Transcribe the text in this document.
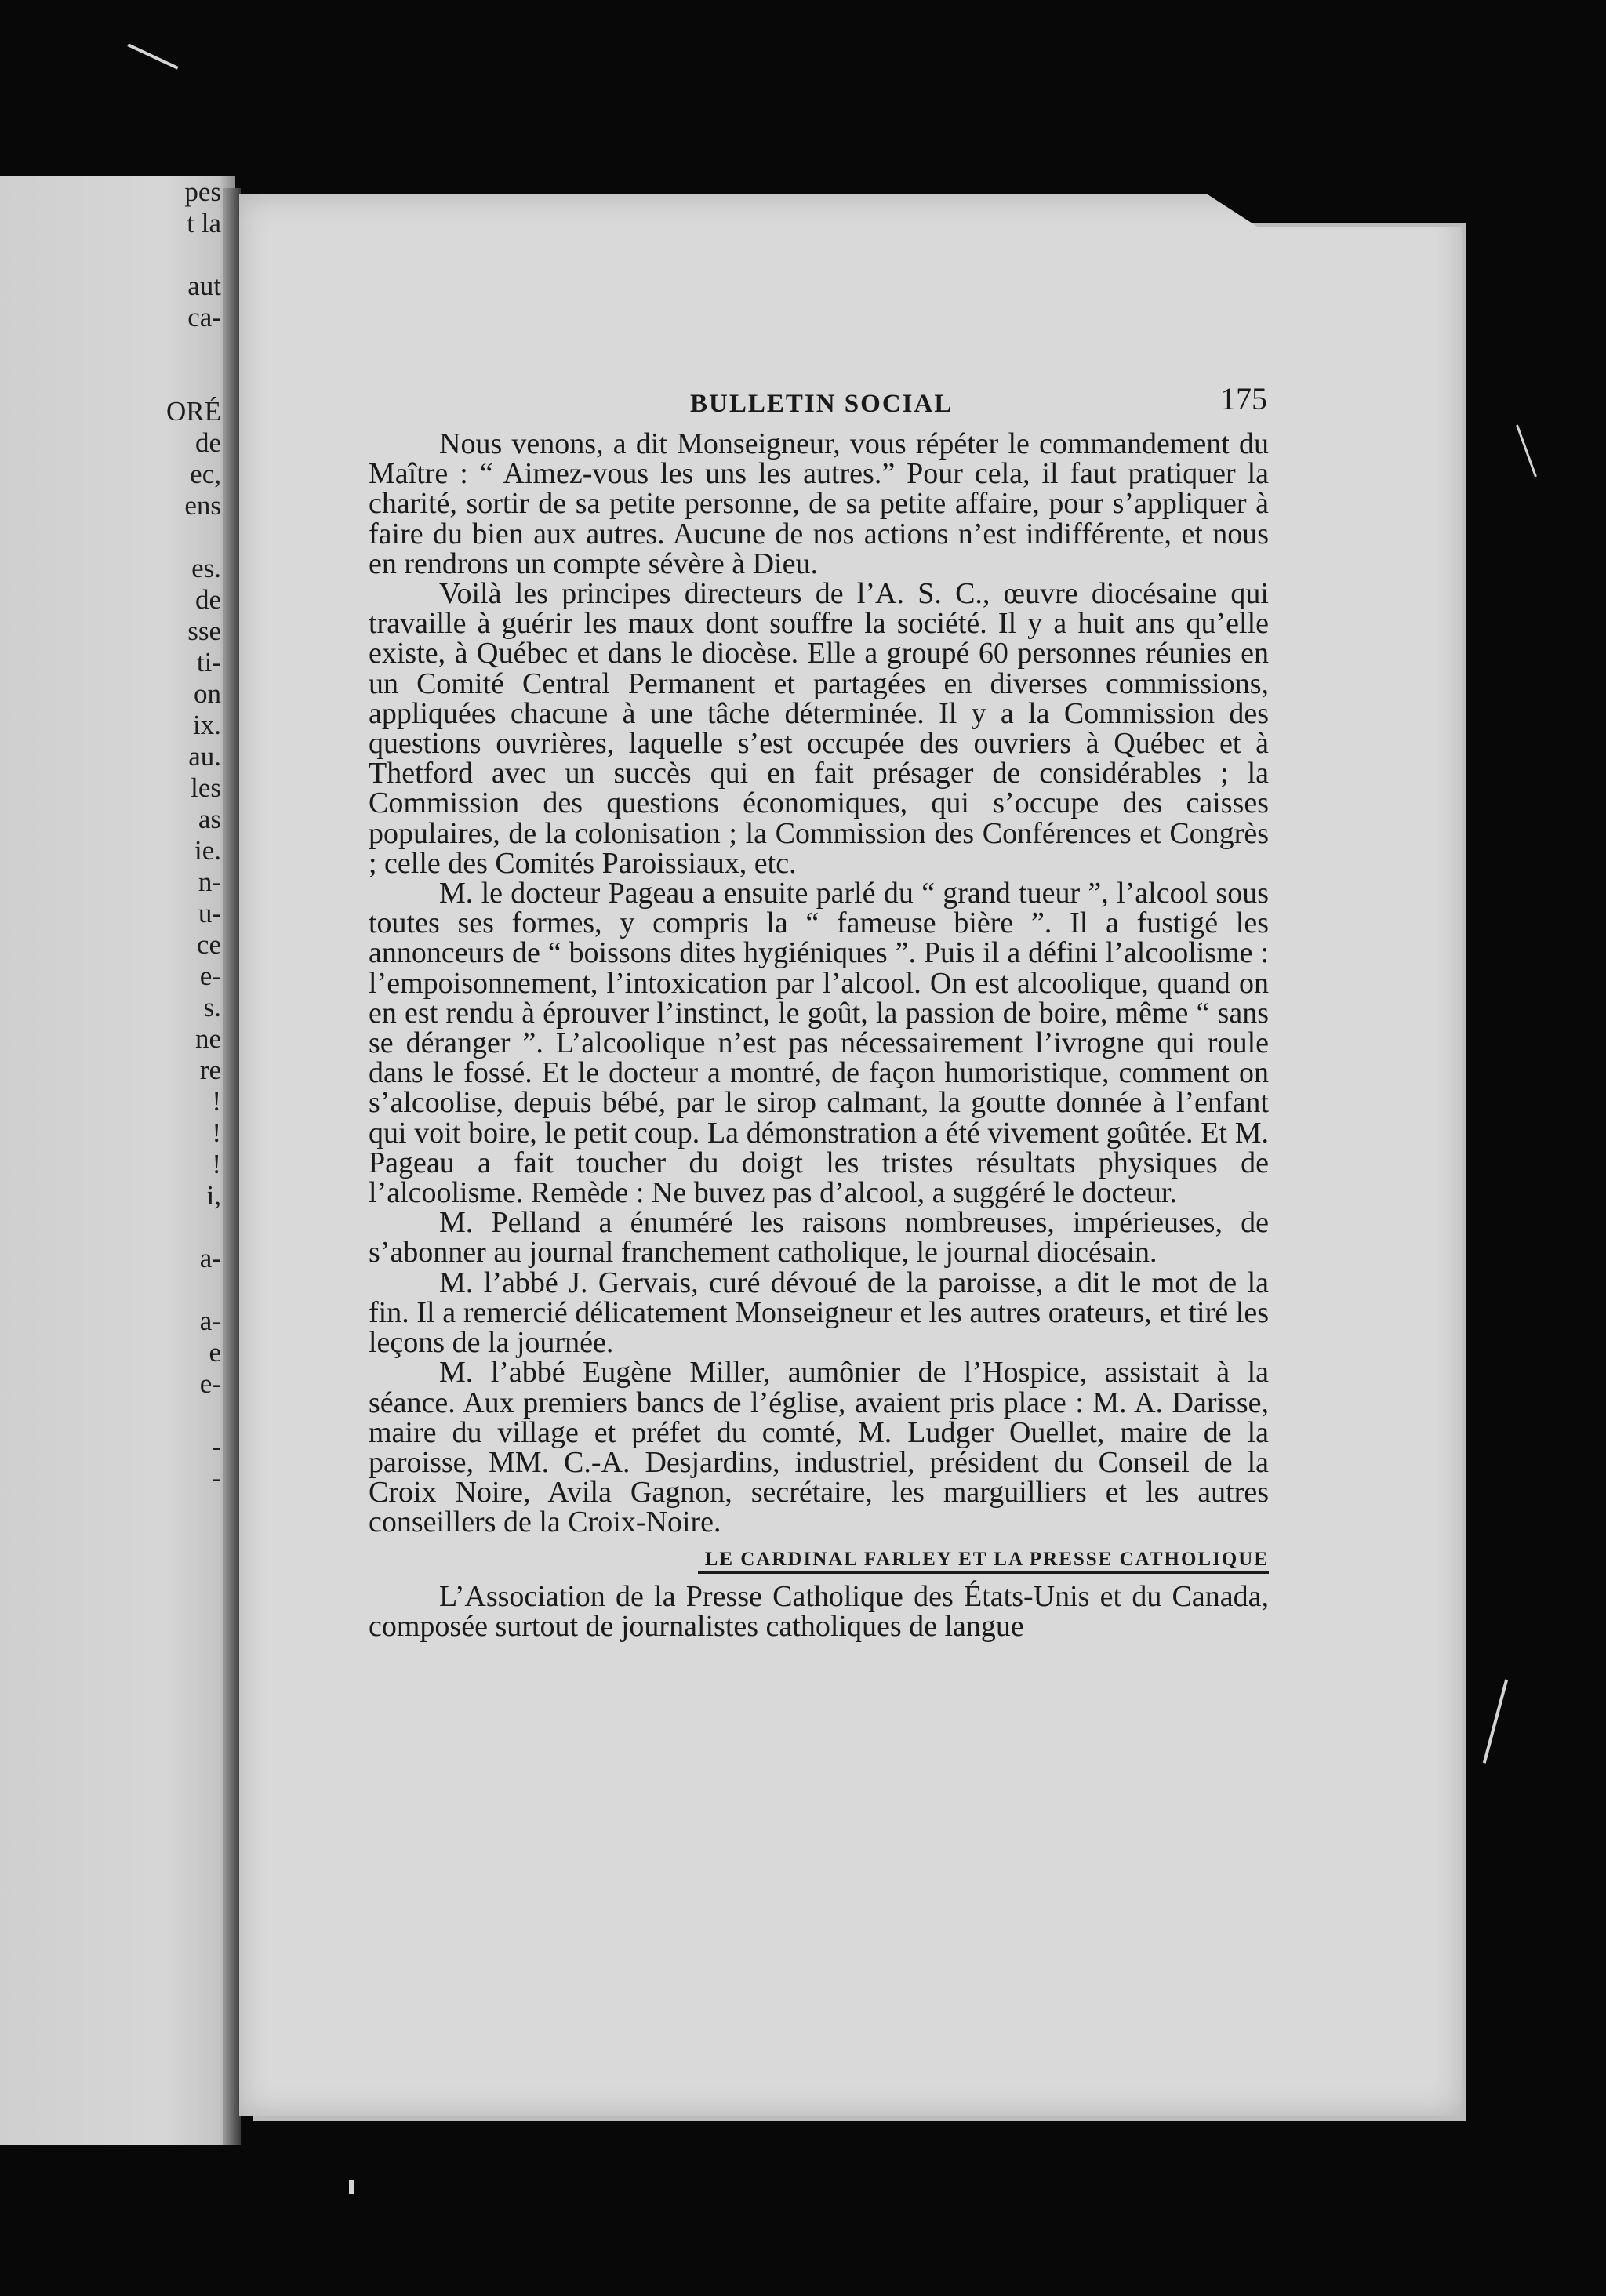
pes
t la
aut
ca-
ORÉ
de
ec,
ens
es.
de
sse
ti-
on
ix.
au.
les
as
ie.
n-
u-
ce
e-
s.
ne
re
!
!
!
i,
a-
a-
e
e-
-
-
BULLETIN SOCIAL	175

Nous venons, a dit Monseigneur, vous répéter le commandement du Maître : “ Aimez-vous les uns les autres.” Pour cela, il faut pratiquer la charité, sortir de sa petite personne, de sa petite affaire, pour s’appliquer à faire du bien aux autres. Aucune de nos actions n’est indifférente, et nous en rendrons un compte sévère à Dieu.

Voilà les principes directeurs de l’A. S. C., œuvre diocésaine qui travaille à guérir les maux dont souffre la société. Il y a huit ans qu’elle existe, à Québec et dans le diocèse. Elle a groupé 60 personnes réunies en un Comité Central Permanent et partagées en diverses commissions, appliquées chacune à une tâche déterminée. Il y a la Commission des questions ouvrières, laquelle s’est occupée des ouvriers à Québec et à Thetford avec un succès qui en fait présager de considérables ; la Commission des questions économiques, qui s’occupe des caisses populaires, de la colonisation ; la Commission des Conférences et Congrès ; celle des Comités Paroissiaux, etc.

M. le docteur Pageau a ensuite parlé du “ grand tueur ”, l’alcool sous toutes ses formes, y compris la “ fameuse bière ”. Il a fustigé les annonceurs de “ boissons dites hygiéniques ”. Puis il a défini l’alcoolisme : l’empoisonnement, l’intoxication par l’alcool. On est alcoolique, quand on en est rendu à éprouver l’instinct, le goût, la passion de boire, même “ sans se déranger ”. L’alcoolique n’est pas nécessairement l’ivrogne qui roule dans le fossé. Et le docteur a montré, de façon humoristique, comment on s’alcoolise, depuis bébé, par le sirop calmant, la goutte donnée à l’enfant qui voit boire, le petit coup. La démonstration a été vivement goûtée. Et M. Pageau a fait toucher du doigt les tristes résultats physiques de l’alcoolisme. Remède : Ne buvez pas d’alcool, a suggéré le docteur.

M. Pelland a énuméré les raisons nombreuses, impérieuses, de s’abonner au journal franchement catholique, le journal diocésain.

M. l’abbé J. Gervais, curé dévoué de la paroisse, a dit le mot de la fin. Il a remercié délicatement Monseigneur et les autres orateurs, et tiré les leçons de la journée.

M. l’abbé Eugène Miller, aumônier de l’Hospice, assistait à la séance. Aux premiers bancs de l’église, avaient pris place : M. A. Darisse, maire du village et préfet du comté, M. Ludger Ouellet, maire de la paroisse, MM. C.-A. Desjardins, industriel, président du Conseil de la Croix Noire, Avila Gagnon, secrétaire, les marguilliers et les autres conseillers de la Croix-Noire.

LE CARDINAL FARLEY ET LA PRESSE CATHOLIQUE

L’Association de la Presse Catholique des États-Unis et du Canada, composée surtout de journalistes catholiques de langue
